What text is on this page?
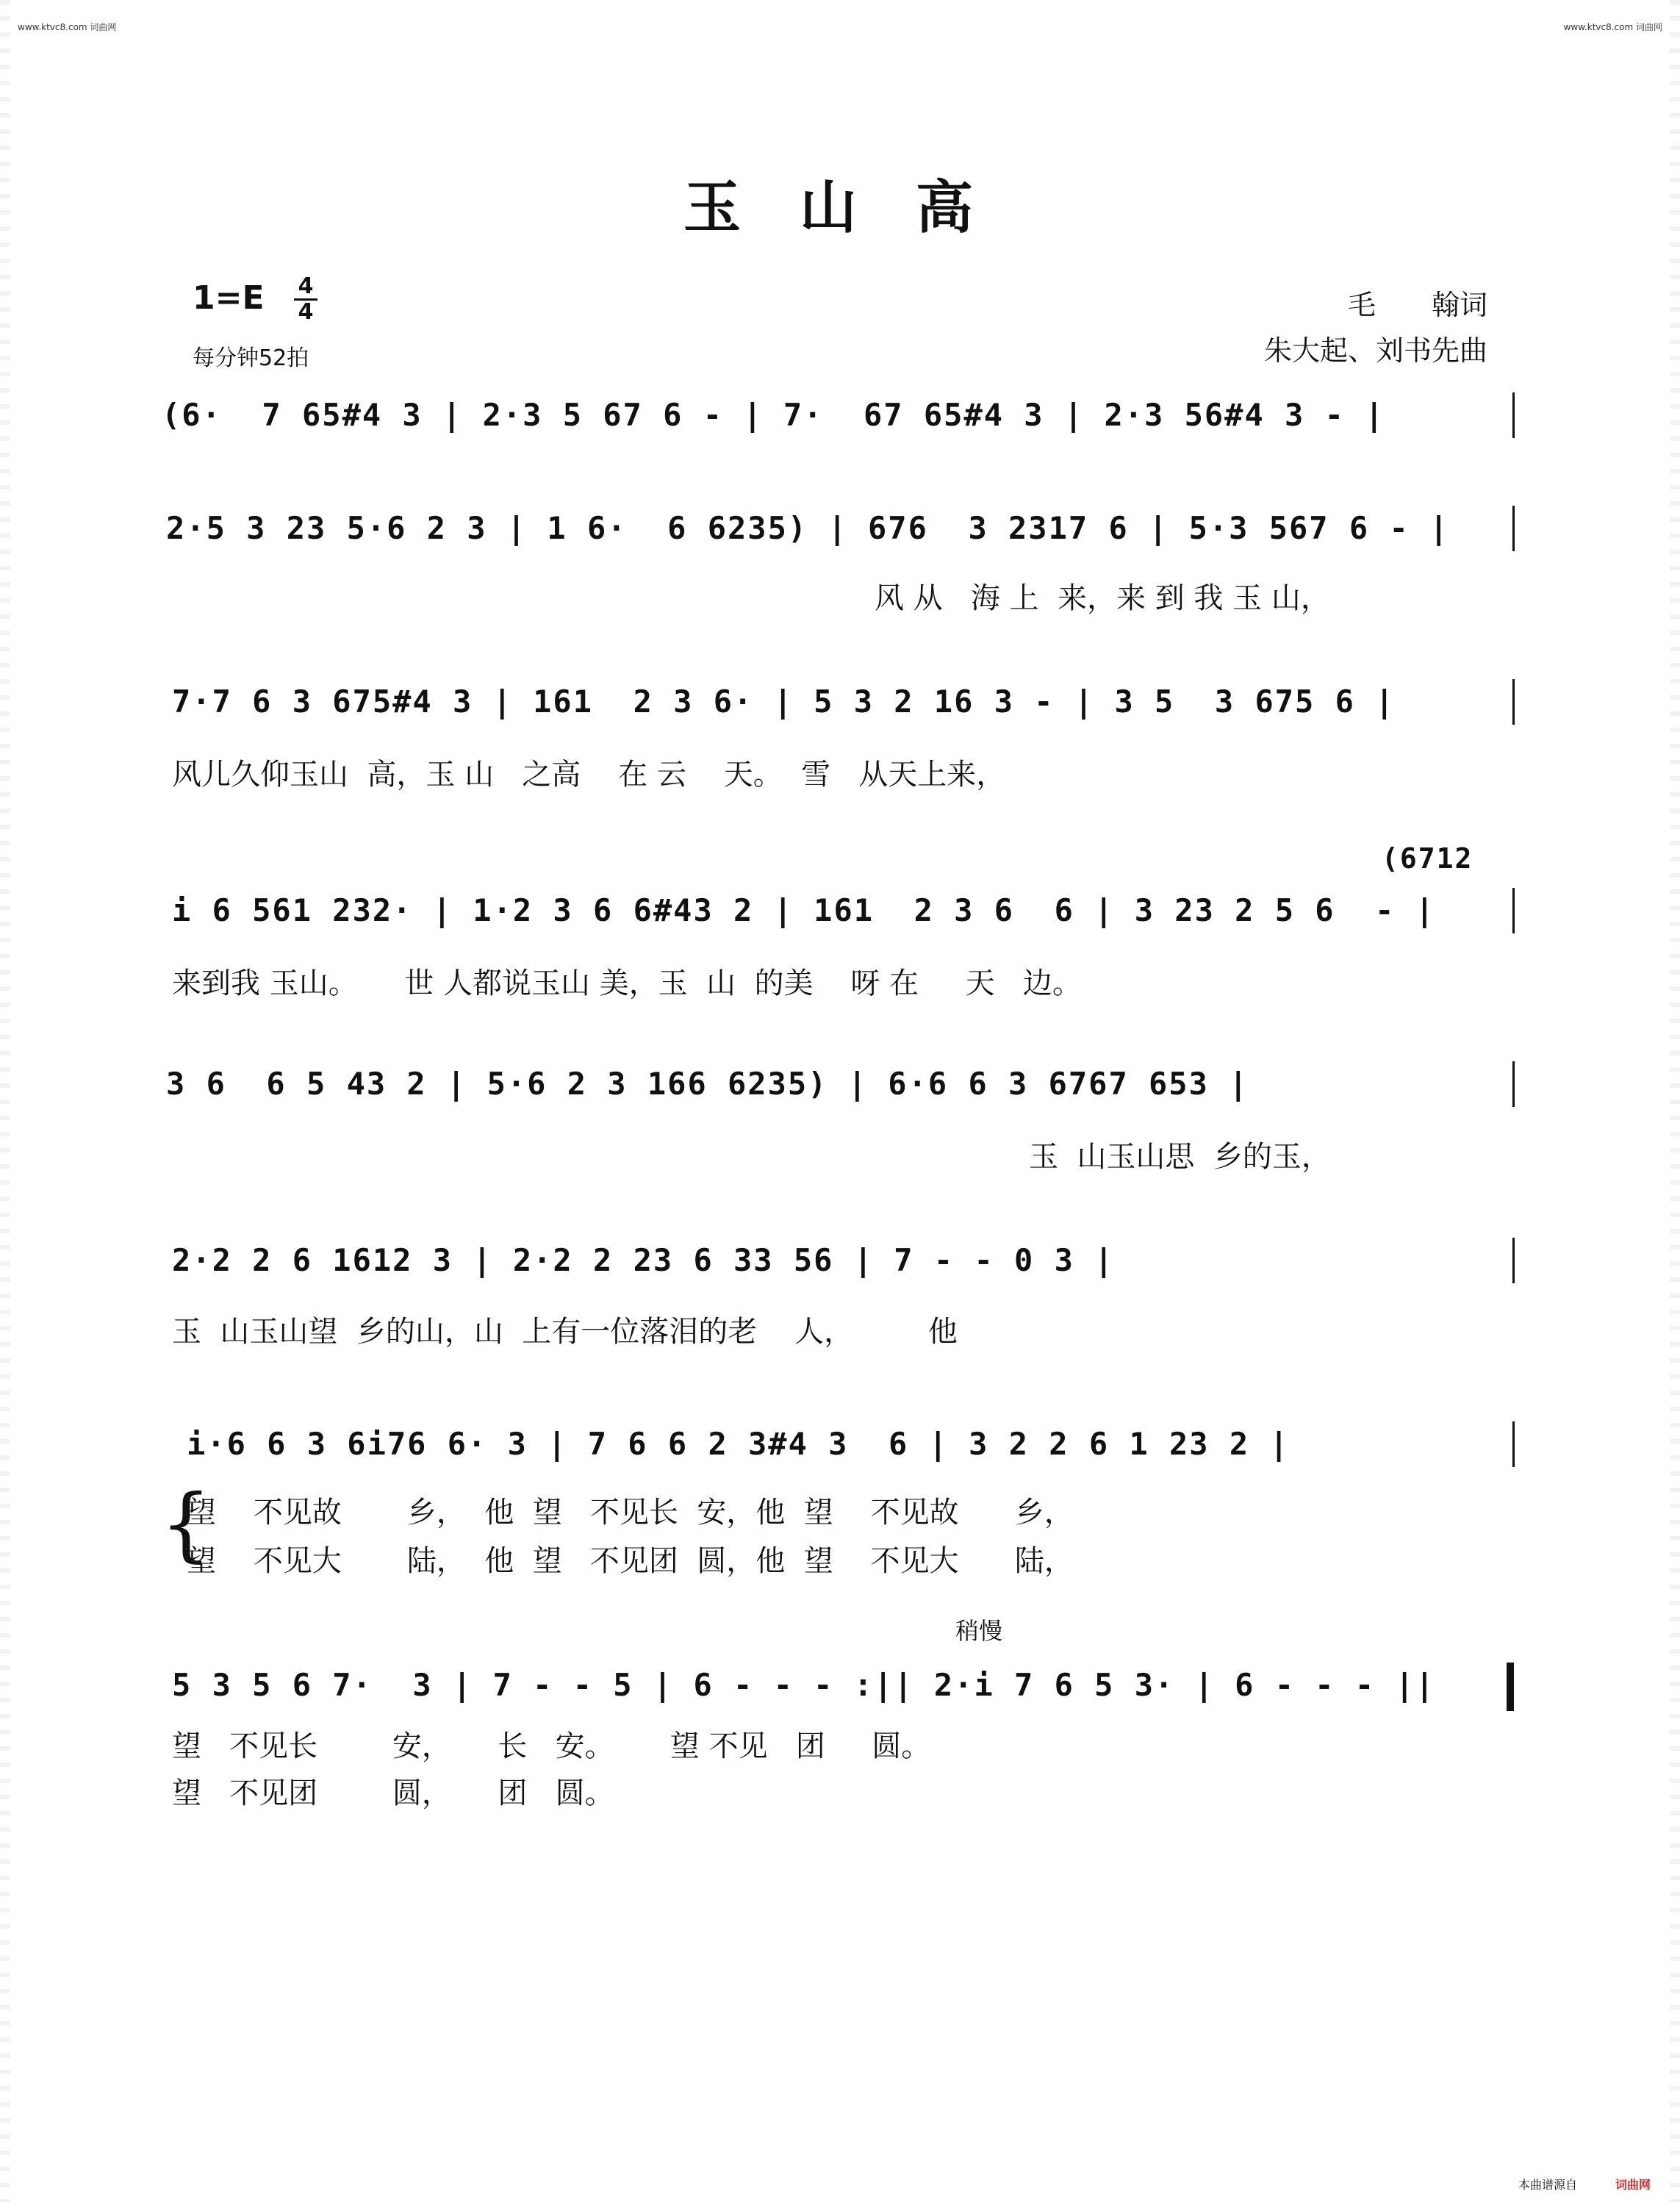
www.ktvc8.com 词曲网	www.ktvc8.com 词曲网
玉山高
1=E 4
4
每分钟52拍
毛　　翰词
朱大起、刘书先曲
(6·  7 65#4 3 | 2·3 5 67 6 - | 7·  67 65#4 3 | 2·3 56#4 3 - |
2·5 3 23 5·6 2 3 | 1 6·  6 6235) | 676  3 2317 6 | 5·3 567 6 - |
风 从   海 上  来，来 到 我 玉 山，
7·7 6 3 675#4 3 | 161  2 3 6· | 5 3 2 16 3 - | 3 5  3 675 6 |
风儿久仰玉山  高，玉 山   之高    在 云    天。  雪   从天上来，
(6712
i 6 561 232· | 1·2 3 6 6#43 2 | 161  2 3 6  6 | 3 23 2 5 6  - |
来到我 玉山。     世 人都说玉山 美，玉  山  的美    呀 在     天   边。
3 6  6 5 43 2 | 5·6 2 3 166 6235) | 6·6 6 3 6767 653 |
玉  山玉山思  乡的玉，
2·2 2 6 1612 3 | 2·2 2 23 6 33 56 | 7 - - 0 3 |
玉  山玉山望  乡的山，山  上有一位落泪的老    人，        他
i·6 6 3 6i76 6· 3 | 7 6 6 2 3#4 3  6 | 3 2 2 6 1 23 2 |
{
望    不见故       乡，  他  望   不见长  安，他  望    不见故      乡，
望    不见大       陆，  他  望   不见团  圆，他  望    不见大      陆，
稍慢
5 3 5 6 7·  3 | 7 - - 5 | 6 - - - :|| 2·i 7 6 5 3· | 6 - - - ||
望   不见长        安，     长   安。      望 不见   团     圆。
望   不见团        圆，     团   圆。
本曲谱源自	词曲网
